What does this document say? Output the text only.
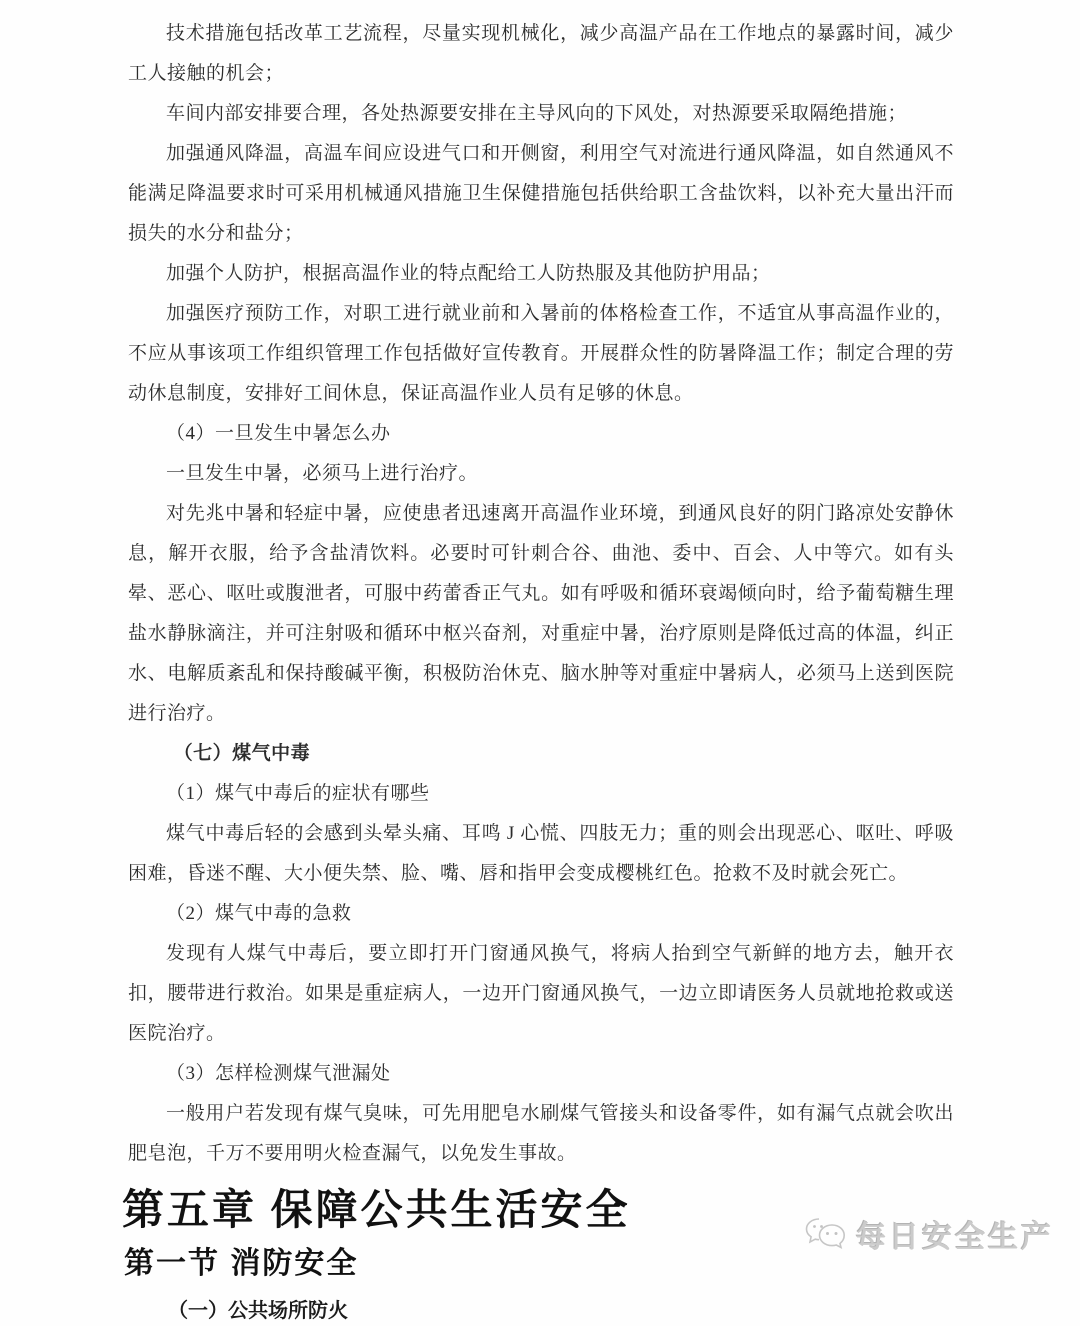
技术措施包括改革工艺流程，尽量实现机械化，减少高温产品在工作地点的暴露时间，减少工人接触的机会；

车间内部安排要合理，各处热源要安排在主导风向的下风处，对热源要采取隔绝措施；

加强通风降温，高温车间应设进气口和开侧窗，利用空气对流进行通风降温，如自然通风不能满足降温要求时可采用机械通风措施卫生保健措施包括供给职工含盐饮料，以补充大量出汗而损失的水分和盐分；

加强个人防护，根据高温作业的特点配给工人防热服及其他防护用品；

加强医疗预防工作，对职工进行就业前和入暑前的体格检查工作，不适宜从事高温作业的，不应从事该项工作组织管理工作包括做好宣传教育。开展群众性的防暑降温工作；制定合理的劳动休息制度，安排好工间休息，保证高温作业人员有足够的休息。

（4）一旦发生中暑怎么办

一旦发生中暑，必须马上进行治疗。

对先兆中暑和轻症中暑，应使患者迅速离开高温作业环境，到通风良好的阴门路凉处安静休息，解开衣服，给予含盐清饮料。必要时可针刺合谷、曲池、委中、百会、人中等穴。如有头晕、恶心、呕吐或腹泄者，可服中药蕾香正气丸。如有呼吸和循环衰竭倾向时，给予葡萄糖生理盐水静脉滴注，并可注射吸和循环中枢兴奋剂，对重症中暑，治疗原则是降低过高的体温，纠正水、电解质紊乱和保持酸碱平衡，积极防治休克、脑水肿等对重症中暑病人，必须马上送到医院进行治疗。

（七）煤气中毒

（1）煤气中毒后的症状有哪些

煤气中毒后轻的会感到头晕头痛、耳鸣 J 心慌、四肢无力；重的则会出现恶心、呕吐、呼吸困难，昏迷不醒、大小便失禁、脸、嘴、唇和指甲会变成樱桃红色。抢救不及时就会死亡。

（2）煤气中毒的急救

发现有人煤气中毒后，要立即打开门窗通风换气，将病人抬到空气新鲜的地方去，触开衣扣，腰带进行救治。如果是重症病人，一边开门窗通风换气，一边立即请医务人员就地抢救或送医院治疗。

（3）怎样检测煤气泄漏处

一般用户若发现有煤气臭味，可先用肥皂水刷煤气管接头和设备零件，如有漏气点就会吹出肥皂泡，千万不要用明火检查漏气，以免发生事故。

第五章 保障公共生活安全
第一节 消防安全
（一）公共场所防火
每日安全生产
